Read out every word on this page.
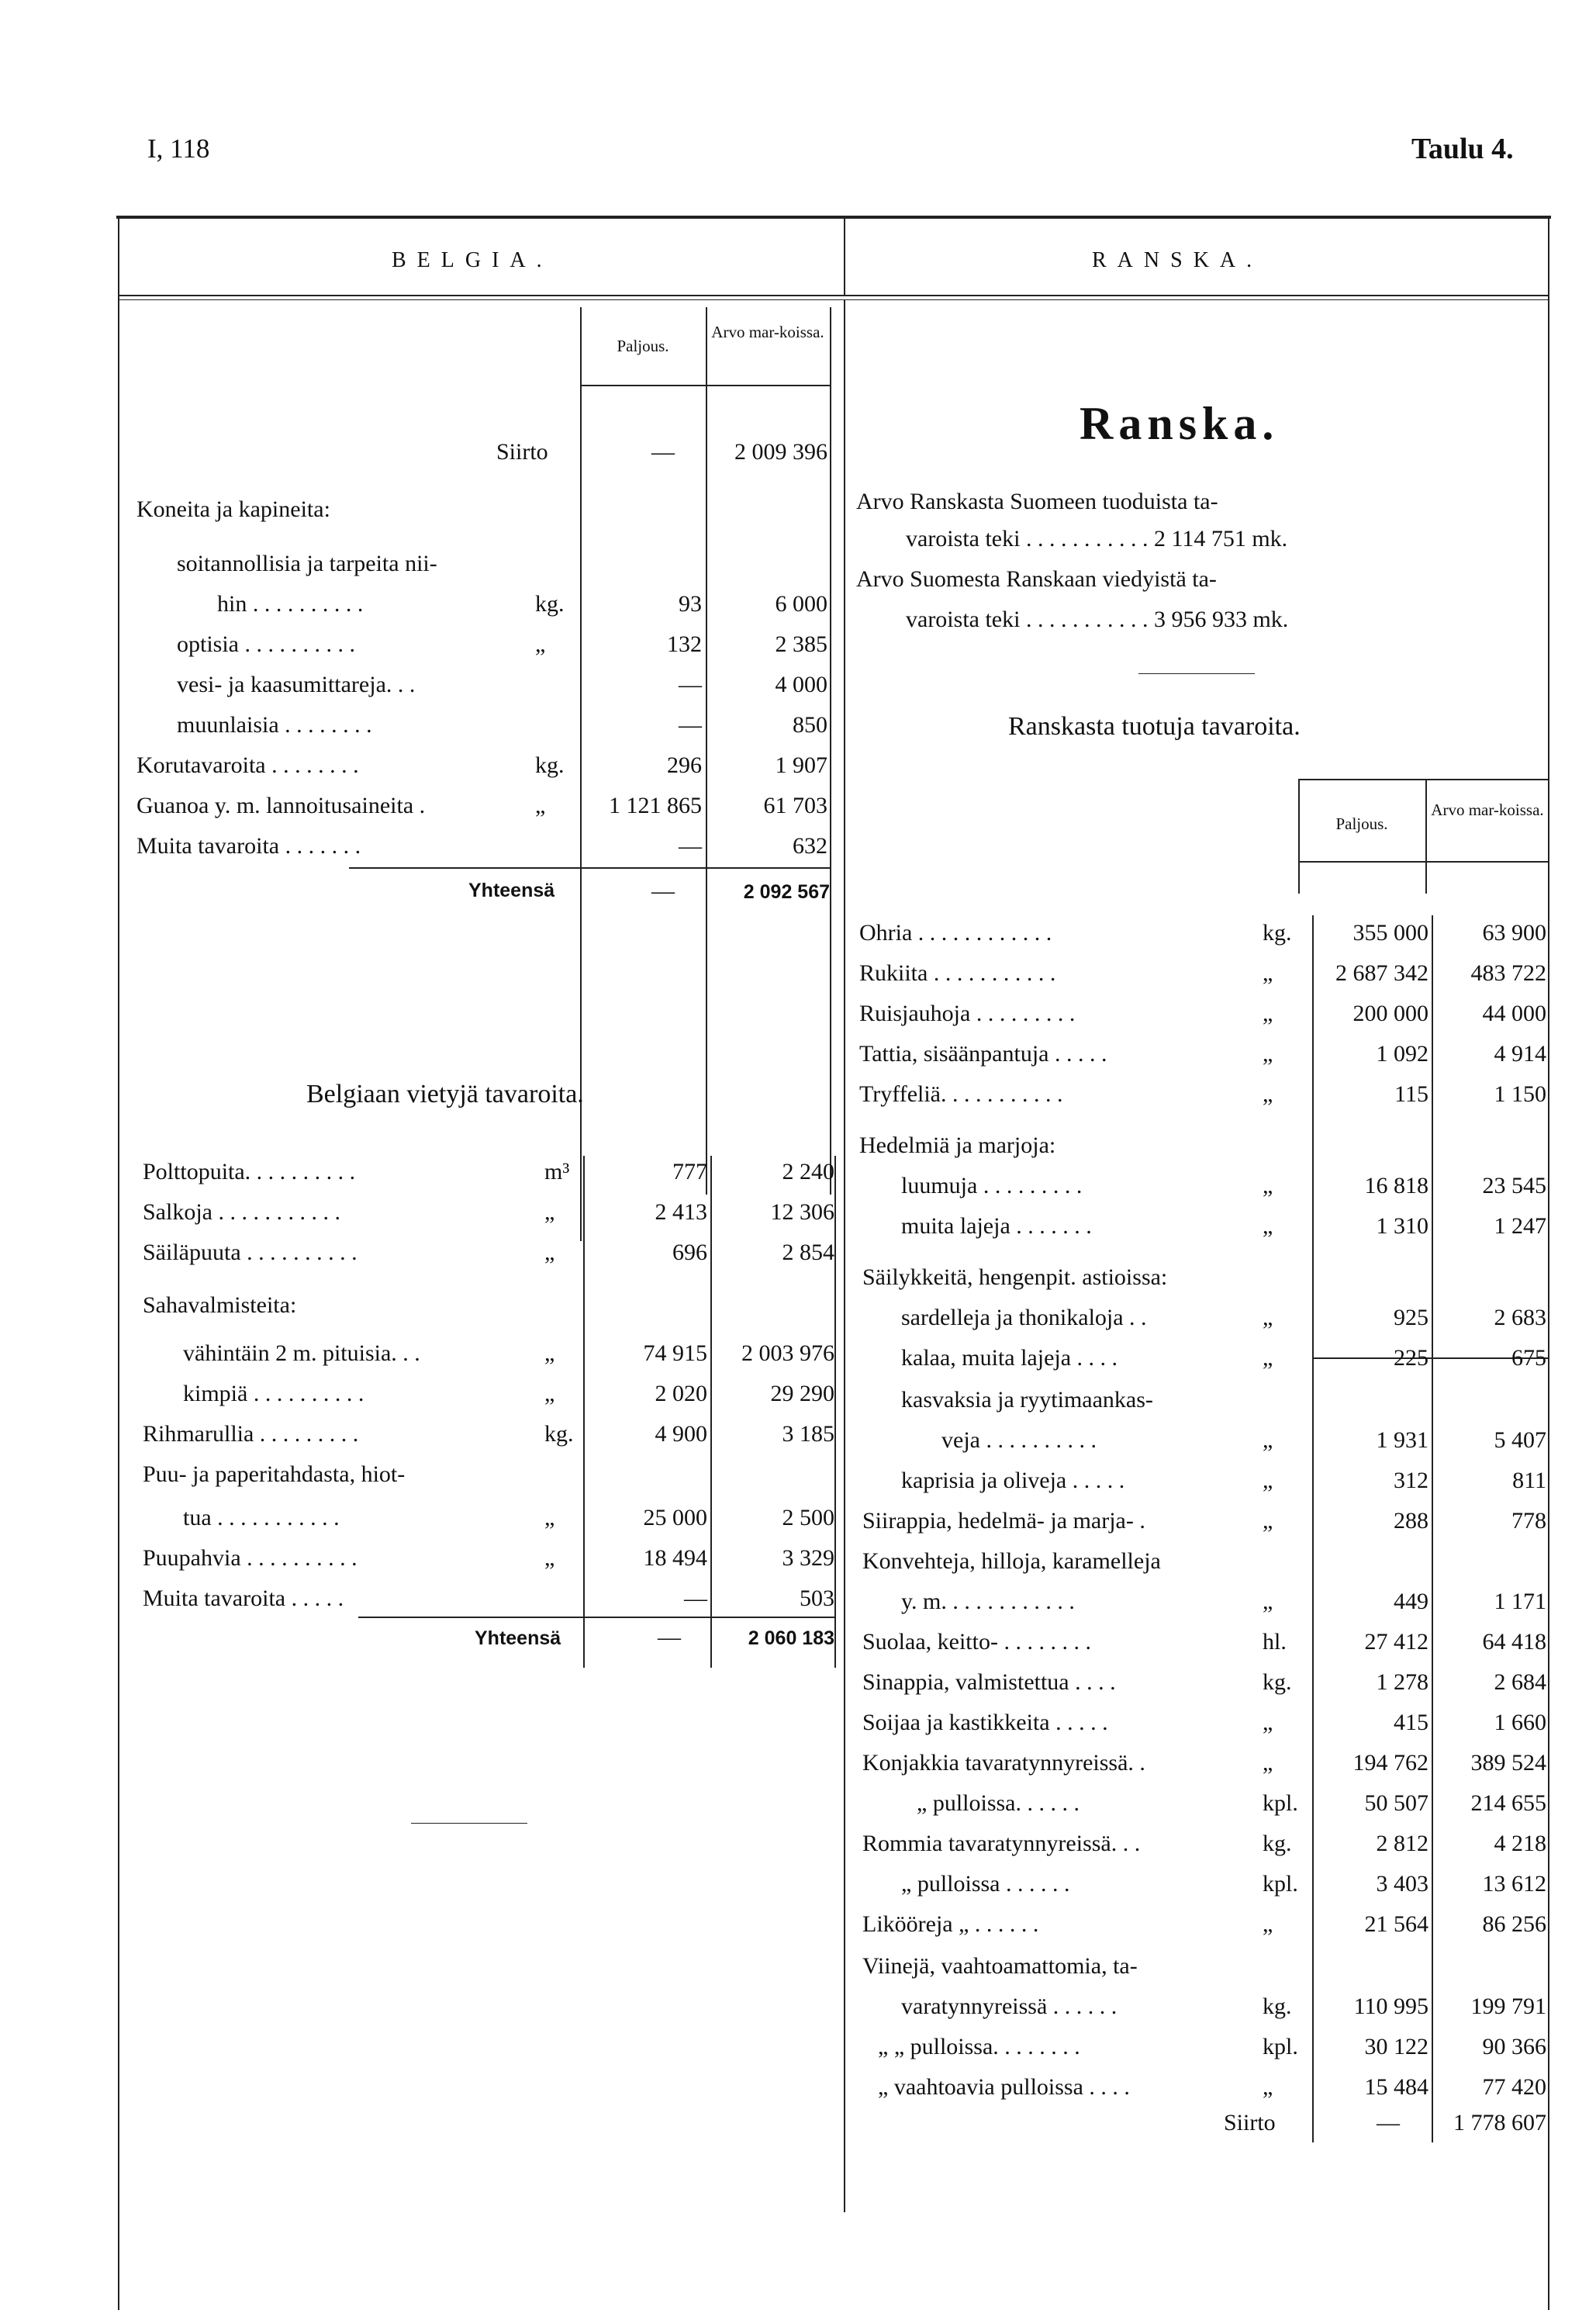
I, 118	Taulu 4.
BELGIA.	RANSKA.
Paljous.
Arvo mar-koissa.
Siirto	—	2 009 396
Yhteensä	—	2 092 567
Belgiaan vietyjä tavaroita.
Yhteensä	—	2 060 183
Ranska.
Arvo Ranskasta Suomeen tuoduista ta-
varoista teki . . . . . . . . . . . 2 114 751 mk.
Arvo Suomesta Ranskaan viedyistä ta-
varoista teki . . . . . . . . . . . 3 956 933 mk.
Ranskasta tuotuja tavaroita.
Paljous.
Arvo mar-koissa.
Siirto	—	1 778 607
Koneita ja kapineita:
soitannollisia ja tarpeita nii-
hin . . . . . . . . . .	kg.	93	6 000
optisia . . . . . . . . . .	„	132	2 385
vesi- ja kaasumittareja. . .	—	4 000
muunlaisia . . . . . . . .	—	850
Korutavaroita . . . . . . . .	kg.	296	1 907
Guanoa y. m. lannoitusaineita .	„	1 121 865	61 703
Muita tavaroita . . . . . . .	—	632
Polttopuita. . . . . . . . . .	m³	777	2 240
Salkoja . . . . . . . . . . .	„	2 413	12 306
Säiläpuuta . . . . . . . . . .	„	696	2 854
Sahavalmisteita:
vähintäin 2 m. pituisia. . .	„	74 915	2 003 976
kimpiä . . . . . . . . . .	„	2 020	29 290
Rihmarullia . . . . . . . . .	kg.	4 900	3 185
Puu- ja paperitahdasta, hiot-
tua . . . . . . . . . . .	„	25 000	2 500
Puupahvia . . . . . . . . . .	„	18 494	3 329
Muita tavaroita . . . . .	—	503
Ohria . . . . . . . . . . . .	kg.	355 000	63 900
Rukiita . . . . . . . . . . .	„	2 687 342	483 722
Ruisjauhoja . . . . . . . . .	„	200 000	44 000
Tattia, sisäänpantuja . . . . .	„	1 092	4 914
Tryffeliä. . . . . . . . . . .	„	115	1 150
Hedelmiä ja marjoja:
luumuja . . . . . . . . .	„	16 818	23 545
muita lajeja . . . . . . .	„	1 310	1 247
Säilykkeitä, hengenpit. astioissa:
sardelleja ja thonikaloja . .	„	925	2 683
kalaa, muita lajeja . . . .	„	225	675
kasvaksia ja ryytimaankas-
veja . . . . . . . . . .	„	1 931	5 407
kaprisia ja oliveja . . . . .	„	312	811
Siirappia, hedelmä- ja marja- .	„	288	778
Konvehteja, hilloja, karamelleja
y. m. . . . . . . . . . . .	„	449	1 171
Suolaa, keitto- . . . . . . . .	hl.	27 412	64 418
Sinappia, valmistettua . . . .	kg.	1 278	2 684
Soijaa ja kastikkeita . . . . .	„	415	1 660
Konjakkia tavaratynnyreissä. .	„	194 762	389 524
„ pulloissa. . . . . .	kpl.	50 507	214 655
Rommia tavaratynnyreissä. . .	kg.	2 812	4 218
„ pulloissa . . . . . .	kpl.	3 403	13 612
Likööreja „ . . . . . .	„	21 564	86 256
Viinejä, vaahtoamattomia, ta-
varatynnyreissä . . . . . .	kg.	110 995	199 791
„ „ pulloissa. . . . . . . .	kpl.	30 122	90 366
„ vaahtoavia pulloissa . . . .	„	15 484	77 420
